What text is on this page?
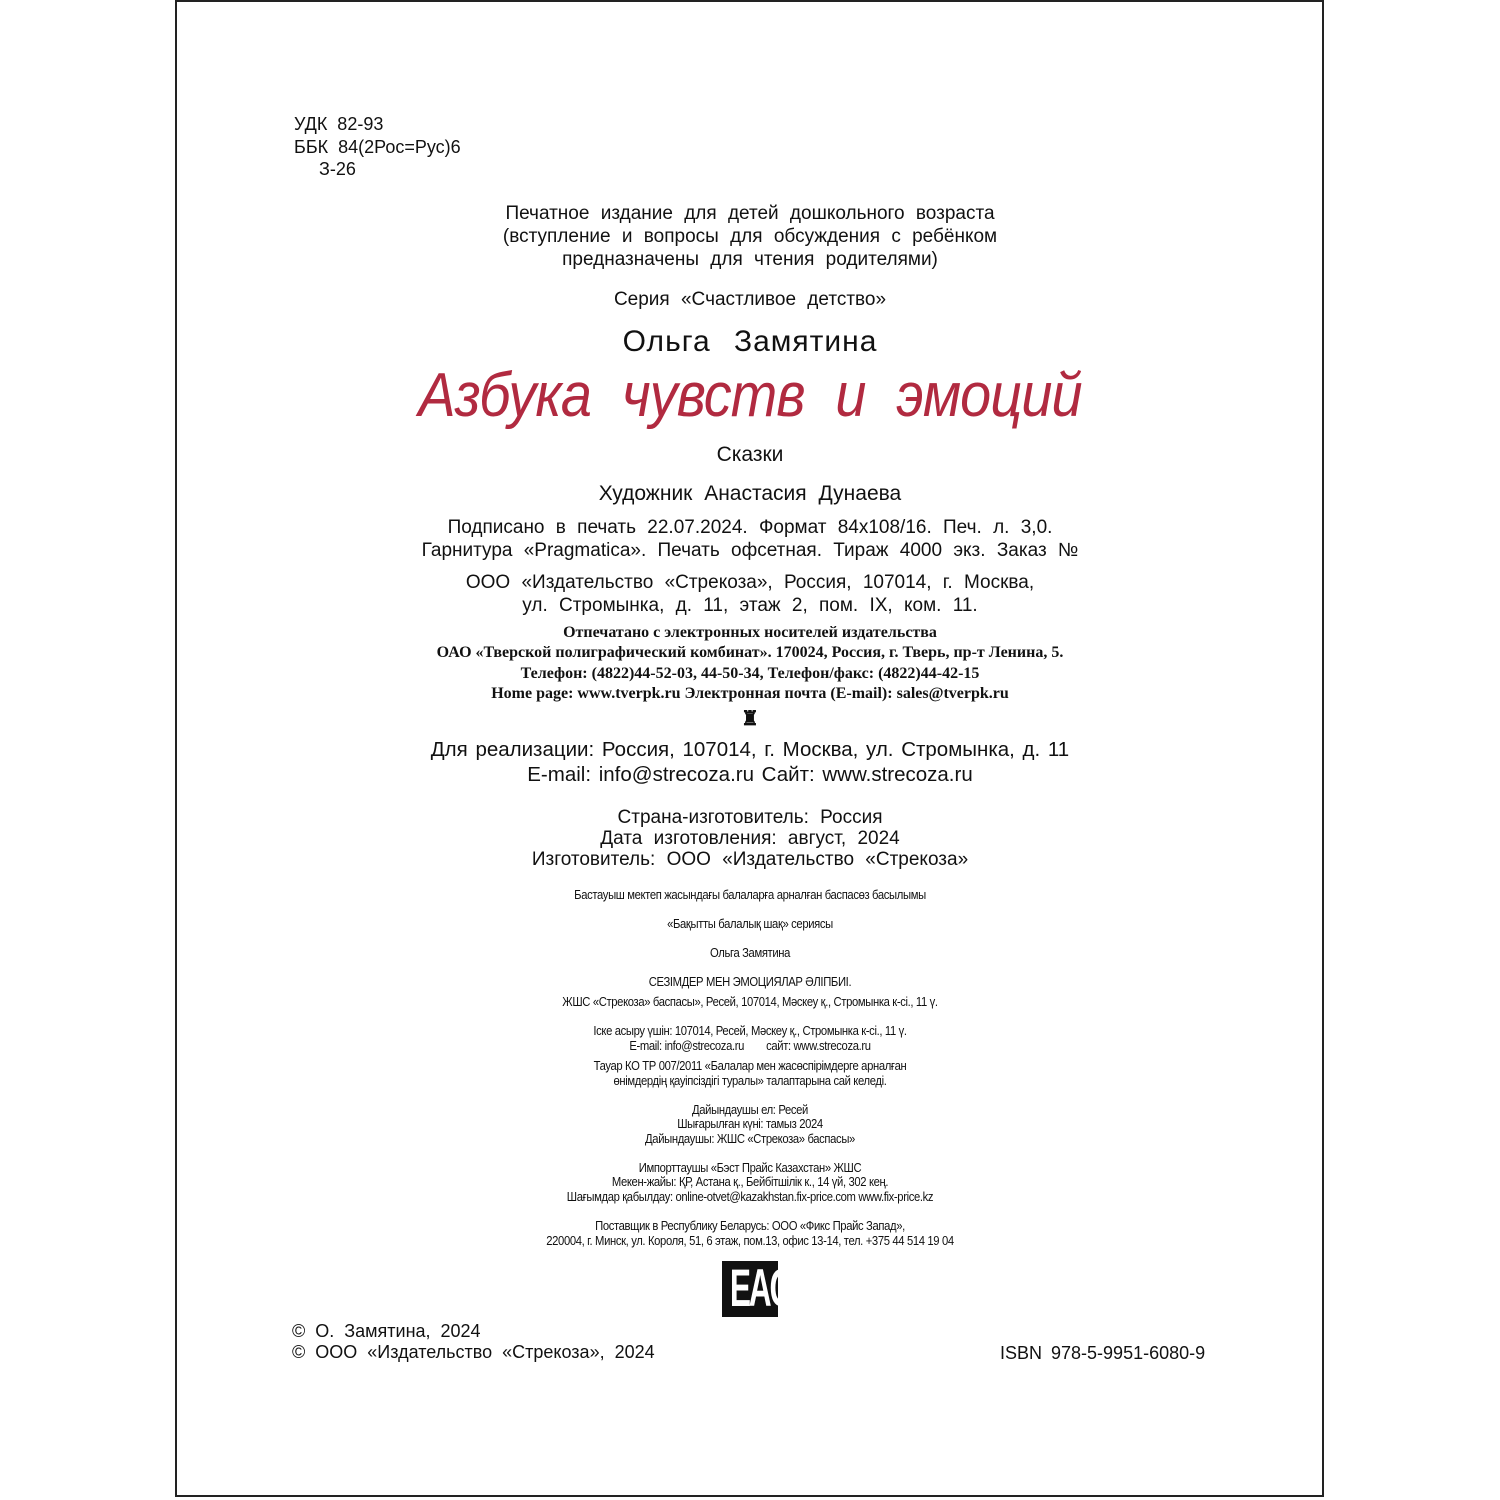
УДК 82-93
ББК 84(2Рос=Рус)6
З-26
Печатное издание для детей дошкольного возраста
(вступление и вопросы для обсуждения с ребёнком
предназначены для чтения родителями)
Серия «Счастливое детство»
Ольга Замятина
Азбука чувств и эмоций
Сказки
Художник Анастасия Дунаева
Подписано в печать 22.07.2024. Формат 84x108/16. Печ. л. 3,0.
Гарнитура «Pragmatica». Печать офсетная. Тираж 4000 экз. Заказ №
ООО «Издательство «Стрекоза», Россия, 107014, г. Москва,
ул. Стромынка, д. 11, этаж 2, пом. IX, ком. 11.
Отпечатано с электронных носителей издательства
ОАО «Тверской полиграфический комбинат». 170024, Россия, г. Тверь, пр-т Ленина, 5.
Телефон: (4822)44-52-03, 44-50-34, Телефон/факс: (4822)44-42-15
Home page: www.tverpk.ru Электронная почта (E-mail): sales@tverpk.ru
♜
Для реализации: Россия, 107014, г. Москва, ул. Стромынка, д. 11
E-mail: info@strecoza.ru Сайт: www.strecoza.ru
Страна-изготовитель: Россия
Дата изготовления: август, 2024
Изготовитель: ООО «Издательство «Стрекоза»
Бастауыш мектеп жасындағы балаларға арналған баспасөз басылымы
«Бақытты балалық шақ» сериясы
Ольга Замятина
СЕЗІМДЕР МЕН ЭМОЦИЯЛАР ӘЛІПБИІ.
ЖШС «Стрекоза» баспасы», Ресей, 107014, Мәскеу қ., Стромынка к-сі., 11 ү.
Іске асыру үшін: 107014, Ресей, Мәскеу қ., Стромынка к-сі., 11 ү.
E-mail: info@strecoza.ru        сайт: www.strecoza.ru
Тауар КО ТР 007/2011 «Балалар мен жасөспірімдерге арналған
өнімдердің қауіпсіздігі туралы» талаптарына сай келеді.
Дайындаушы ел: Ресей
Шығарылған күні: тамыз 2024
Дайындаушы: ЖШС «Стрекоза» баспасы»
Импорттаушы «Бэст Прайс Казахстан» ЖШС
Мекен-жайы: ҚР, Астана қ., Бейбітшілік к., 14 үй, 302 кең.
Шағымдар қабылдау: online-otvet@kazakhstan.fix-price.com www.fix-price.kz
Поставщик в Республику Беларусь: ООО «Фикс Прайс Запад»,
220004, г. Минск, ул. Короля, 51, 6 этаж, пом.13, офис 13-14, тел. +375 44 514 19 04
EAC
© О. Замятина, 2024
© ООО «Издательство «Стрекоза», 2024	ISBN 978-5-9951-6080-9
